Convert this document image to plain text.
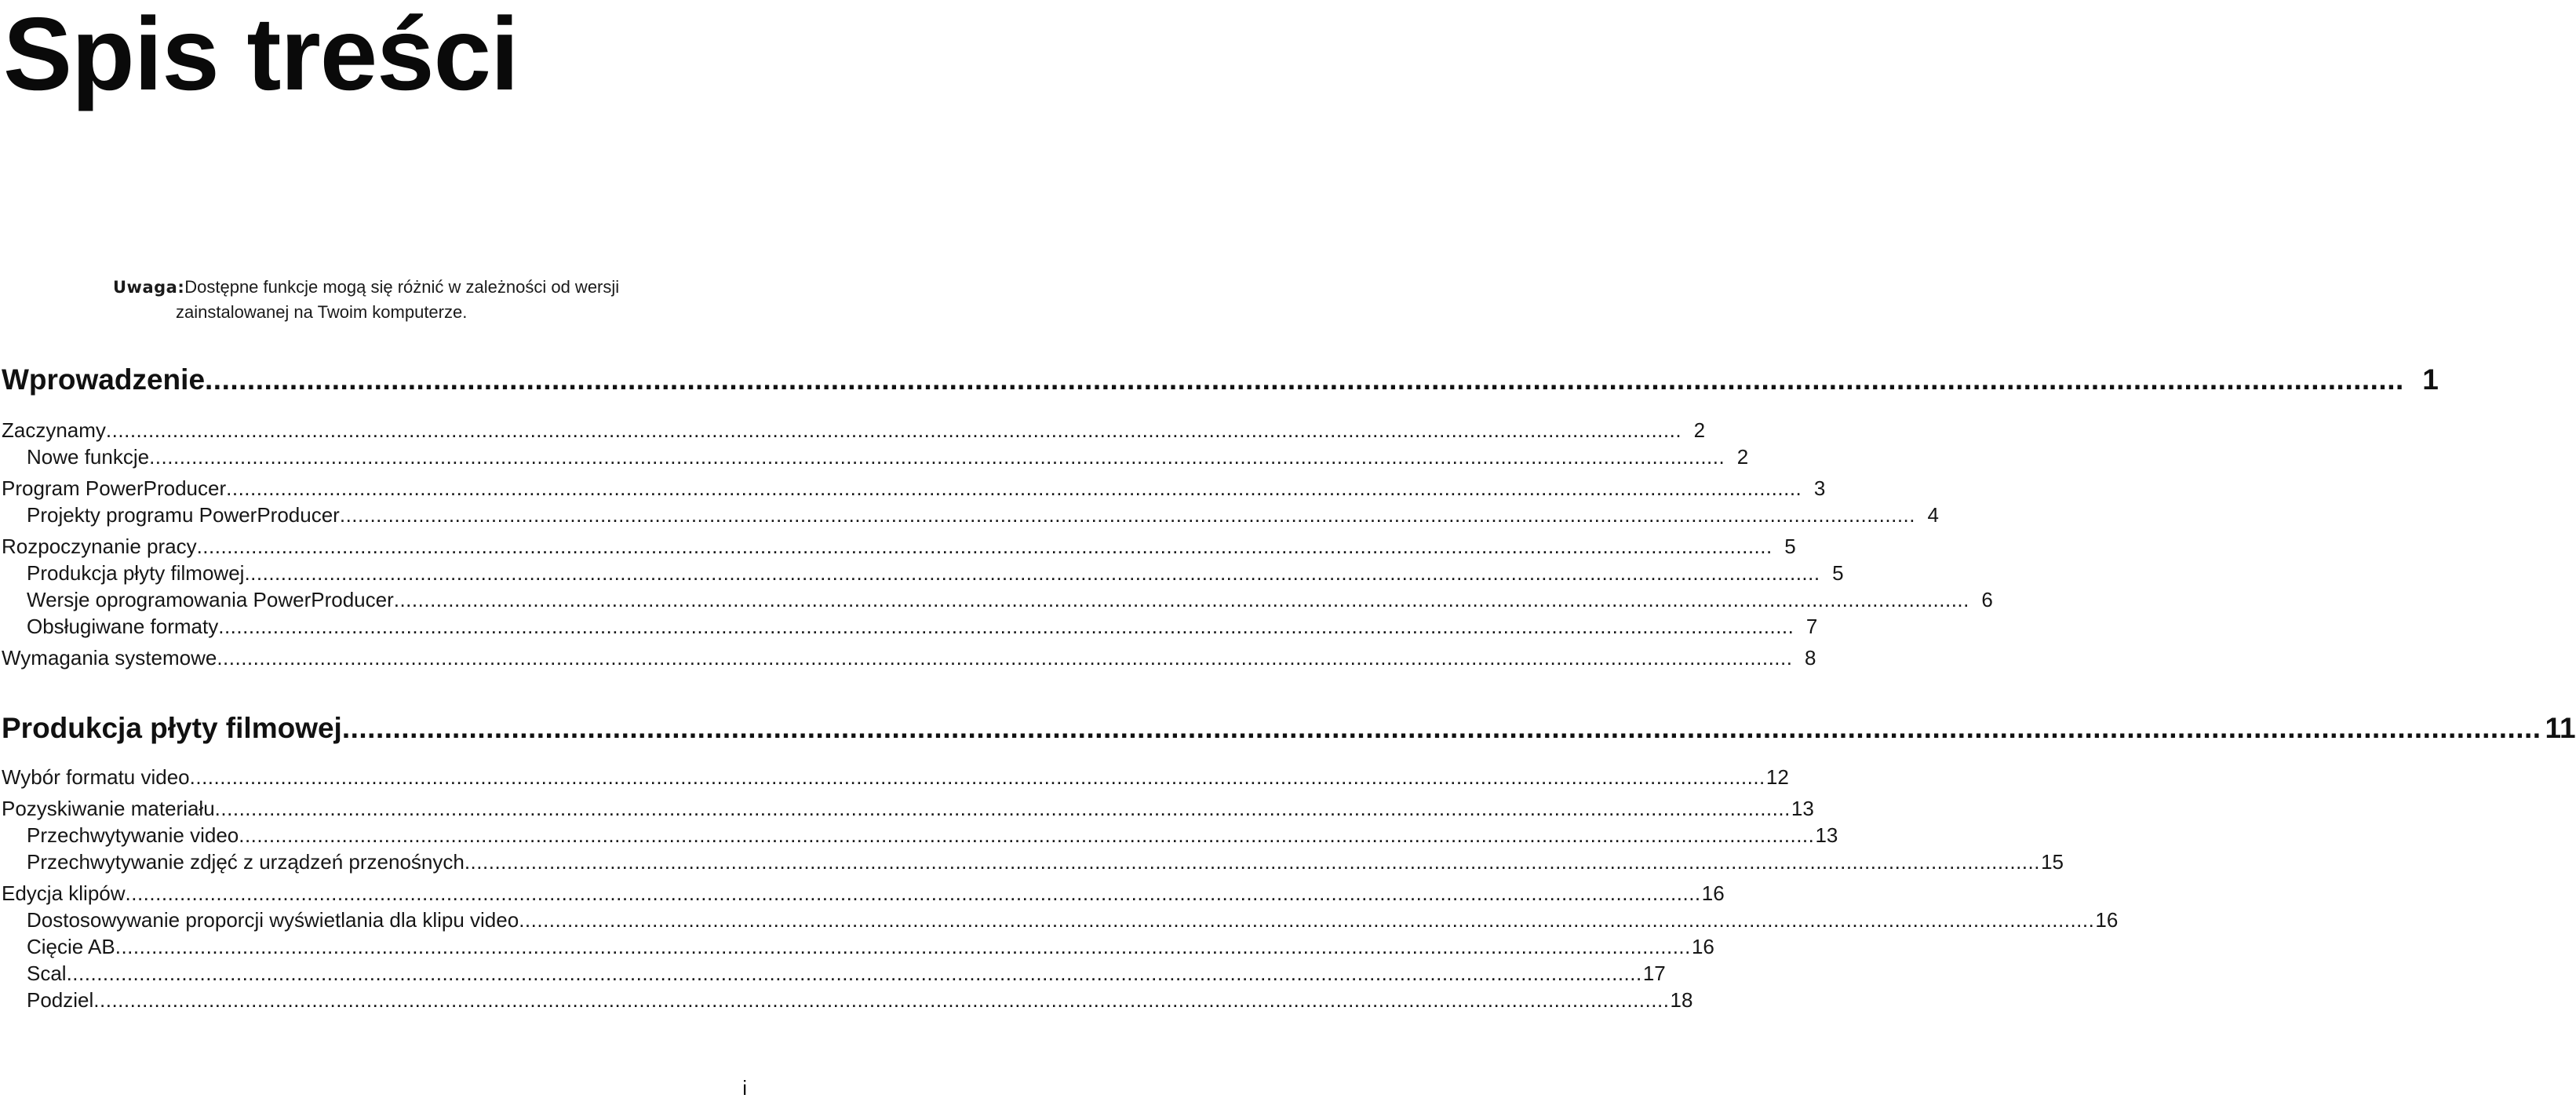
Spis treści
Uwaga:Dostępne funkcje mogą się różnić w zależności od wersji
zainstalowanej na Twoim komputerze.
Wprowadzenie .................................................................................................................................................................................................................................................................... 1
Zaczynamy .................................................................................................................................................................................................................................................................... 2
Nowe funkcje .................................................................................................................................................................................................................................................................... 2
Program PowerProducer .................................................................................................................................................................................................................................................................... 3
Projekty programu PowerProducer .................................................................................................................................................................................................................................................................... 4
Rozpoczynanie pracy .................................................................................................................................................................................................................................................................... 5
Produkcja płyty filmowej .................................................................................................................................................................................................................................................................... 5
Wersje oprogramowania PowerProducer .................................................................................................................................................................................................................................................................... 6
Obsługiwane formaty .................................................................................................................................................................................................................................................................... 7
Wymagania systemowe .................................................................................................................................................................................................................................................................... 8
Produkcja płyty filmowej .................................................................................................................................................................................................................................................................... 11
Wybór formatu video .................................................................................................................................................................................................................................................................... 12
Pozyskiwanie materiału .................................................................................................................................................................................................................................................................... 13
Przechwytywanie video .................................................................................................................................................................................................................................................................... 13
Przechwytywanie zdjęć z urządzeń przenośnych .................................................................................................................................................................................................................................................................... 15
Edycja klipów .................................................................................................................................................................................................................................................................... 16
Dostosowywanie proporcji wyświetlania dla klipu video .................................................................................................................................................................................................................................................................... 16
Cięcie AB .................................................................................................................................................................................................................................................................... 16
Scal .................................................................................................................................................................................................................................................................... 17
Podziel .................................................................................................................................................................................................................................................................... 18
i
